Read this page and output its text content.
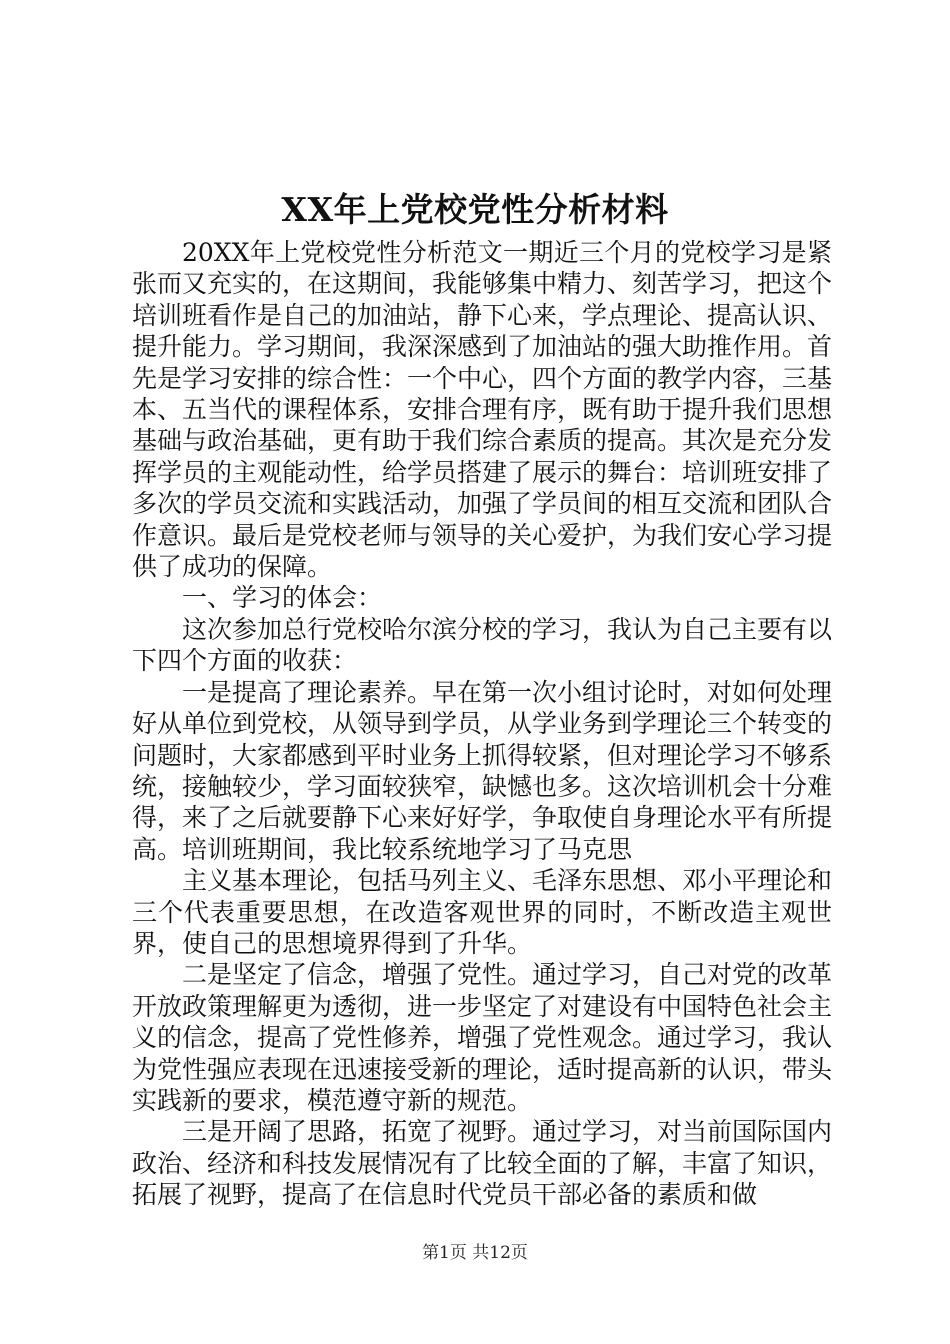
XX年上党校党性分析材料

20XX年上党校党性分析范文一期近三个月的党校学习是紧张而又充实的，在这期间，我能够集中精力、刻苦学习，把这个培训班看作是自己的加油站，静下心来，学点理论、提高认识、提升能力。学习期间，我深深感到了加油站的强大助推作用。首先是学习安排的综合性：一个中心，四个方面的教学内容，三基本、五当代的课程体系，安排合理有序，既有助于提升我们思想基础与政治基础，更有助于我们综合素质的提高。其次是充分发挥学员的主观能动性，给学员搭建了展示的舞台：培训班安排了多次的学员交流和实践活动，加强了学员间的相互交流和团队合作意识。最后是党校老师与领导的关心爱护，为我们安心学习提供了成功的保障。

一、学习的体会：

这次参加总行党校哈尔滨分校的学习，我认为自己主要有以下四个方面的收获：

一是提高了理论素养。早在第一次小组讨论时，对如何处理好从单位到党校，从领导到学员，从学业务到学理论三个转变的问题时，大家都感到平时业务上抓得较紧，但对理论学习不够系统，接触较少，学习面较狭窄，缺憾也多。这次培训机会十分难得，来了之后就要静下心来好好学，争取使自身理论水平有所提高。培训班期间，我比较系统地学习了马克思

主义基本理论，包括马列主义、毛泽东思想、邓小平理论和三个代表重要思想，在改造客观世界的同时，不断改造主观世界，使自己的思想境界得到了升华。

二是坚定了信念，增强了党性。通过学习，自己对党的改革开放政策理解更为透彻，进一步坚定了对建设有中国特色社会主义的信念，提高了党性修养，增强了党性观念。通过学习，我认为党性强应表现在迅速接受新的理论，适时提高新的认识，带头实践新的要求，模范遵守新的规范。

三是开阔了思路，拓宽了视野。通过学习，对当前国际国内政治、经济和科技发展情况有了比较全面的了解，丰富了知识，拓展了视野，提高了在信息时代党员干部必备的素质和做

第1页 共12页
